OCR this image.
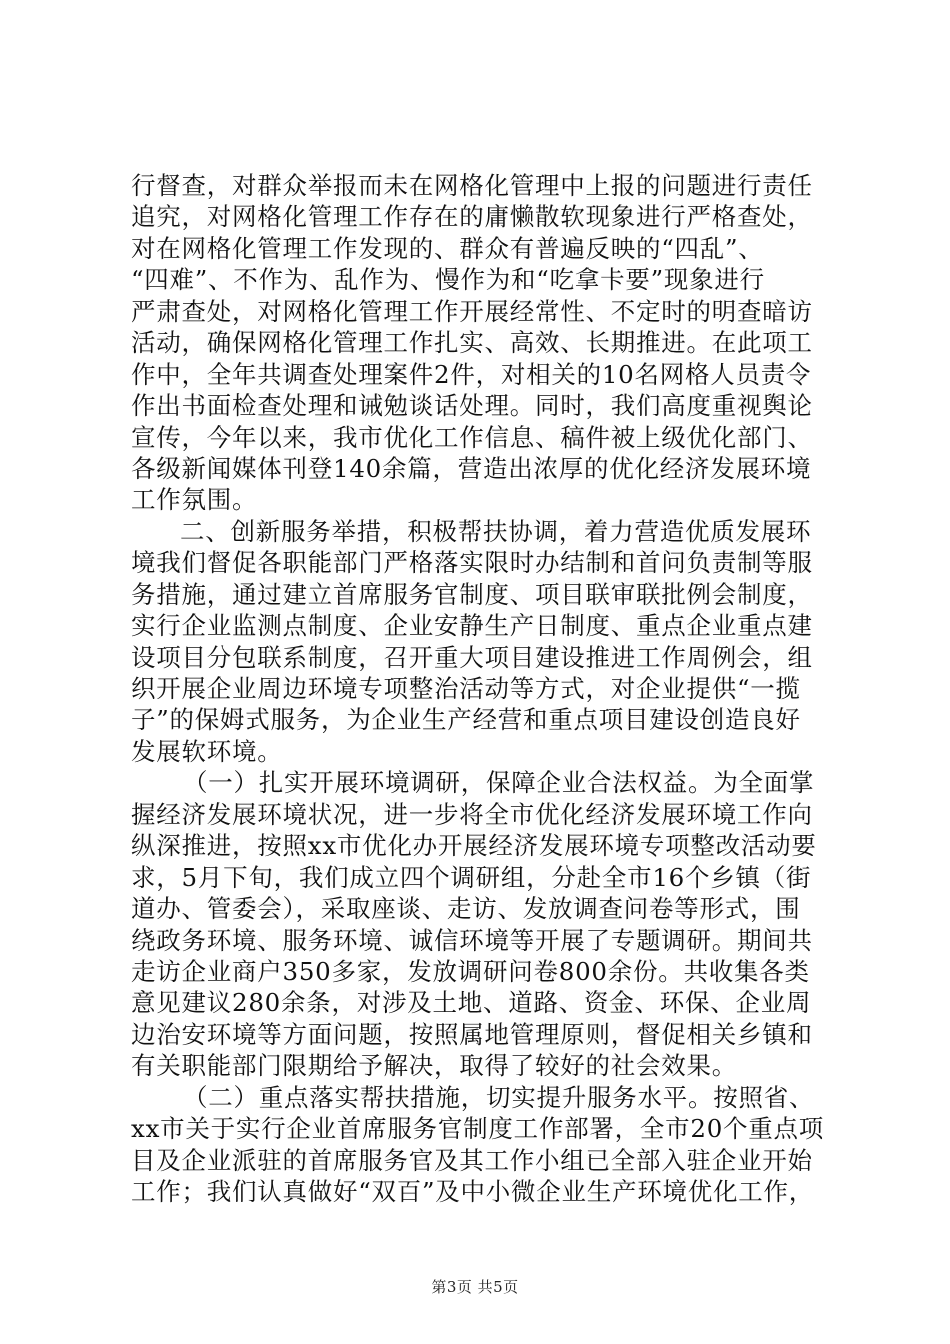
行督查，对群众举报而未在网格化管理中上报的问题进行责任
追究，对网格化管理工作存在的庸懒散软现象进行严格查处，
对在网格化管理工作发现的、群众有普遍反映的“四乱”、
“四难”、不作为、乱作为、慢作为和“吃拿卡要”现象进行
严肃查处，对网格化管理工作开展经常性、不定时的明查暗访
活动，确保网格化管理工作扎实、高效、长期推进。在此项工
作中，全年共调查处理案件2件，对相关的10名网格人员责令
作出书面检查处理和诫勉谈话处理。同时，我们高度重视舆论
宣传，今年以来，我市优化工作信息、稿件被上级优化部门、
各级新闻媒体刊登140余篇，营造出浓厚的优化经济发展环境
工作氛围。
二、创新服务举措，积极帮扶协调，着力营造优质发展环
境我们督促各职能部门严格落实限时办结制和首问负责制等服
务措施，通过建立首席服务官制度、项目联审联批例会制度，
实行企业监测点制度、企业安静生产日制度、重点企业重点建
设项目分包联系制度，召开重大项目建设推进工作周例会，组
织开展企业周边环境专项整治活动等方式，对企业提供“一揽
子”的保姆式服务，为企业生产经营和重点项目建设创造良好
发展软环境。
（一）扎实开展环境调研，保障企业合法权益。为全面掌
握经济发展环境状况，进一步将全市优化经济发展环境工作向
纵深推进，按照xx市优化办开展经济发展环境专项整改活动要
求，5月下旬，我们成立四个调研组，分赴全市16个乡镇（街
道办、管委会），采取座谈、走访、发放调查问卷等形式，围
绕政务环境、服务环境、诚信环境等开展了专题调研。期间共
走访企业商户350多家，发放调研问卷800余份。共收集各类
意见建议280余条，对涉及土地、道路、资金、环保、企业周
边治安环境等方面问题，按照属地管理原则，督促相关乡镇和
有关职能部门限期给予解决，取得了较好的社会效果。
（二）重点落实帮扶措施，切实提升服务水平。按照省、
xx市关于实行企业首席服务官制度工作部署，全市20个重点项
目及企业派驻的首席服务官及其工作小组已全部入驻企业开始
工作；我们认真做好“双百”及中小微企业生产环境优化工作，
第3页 共5页
